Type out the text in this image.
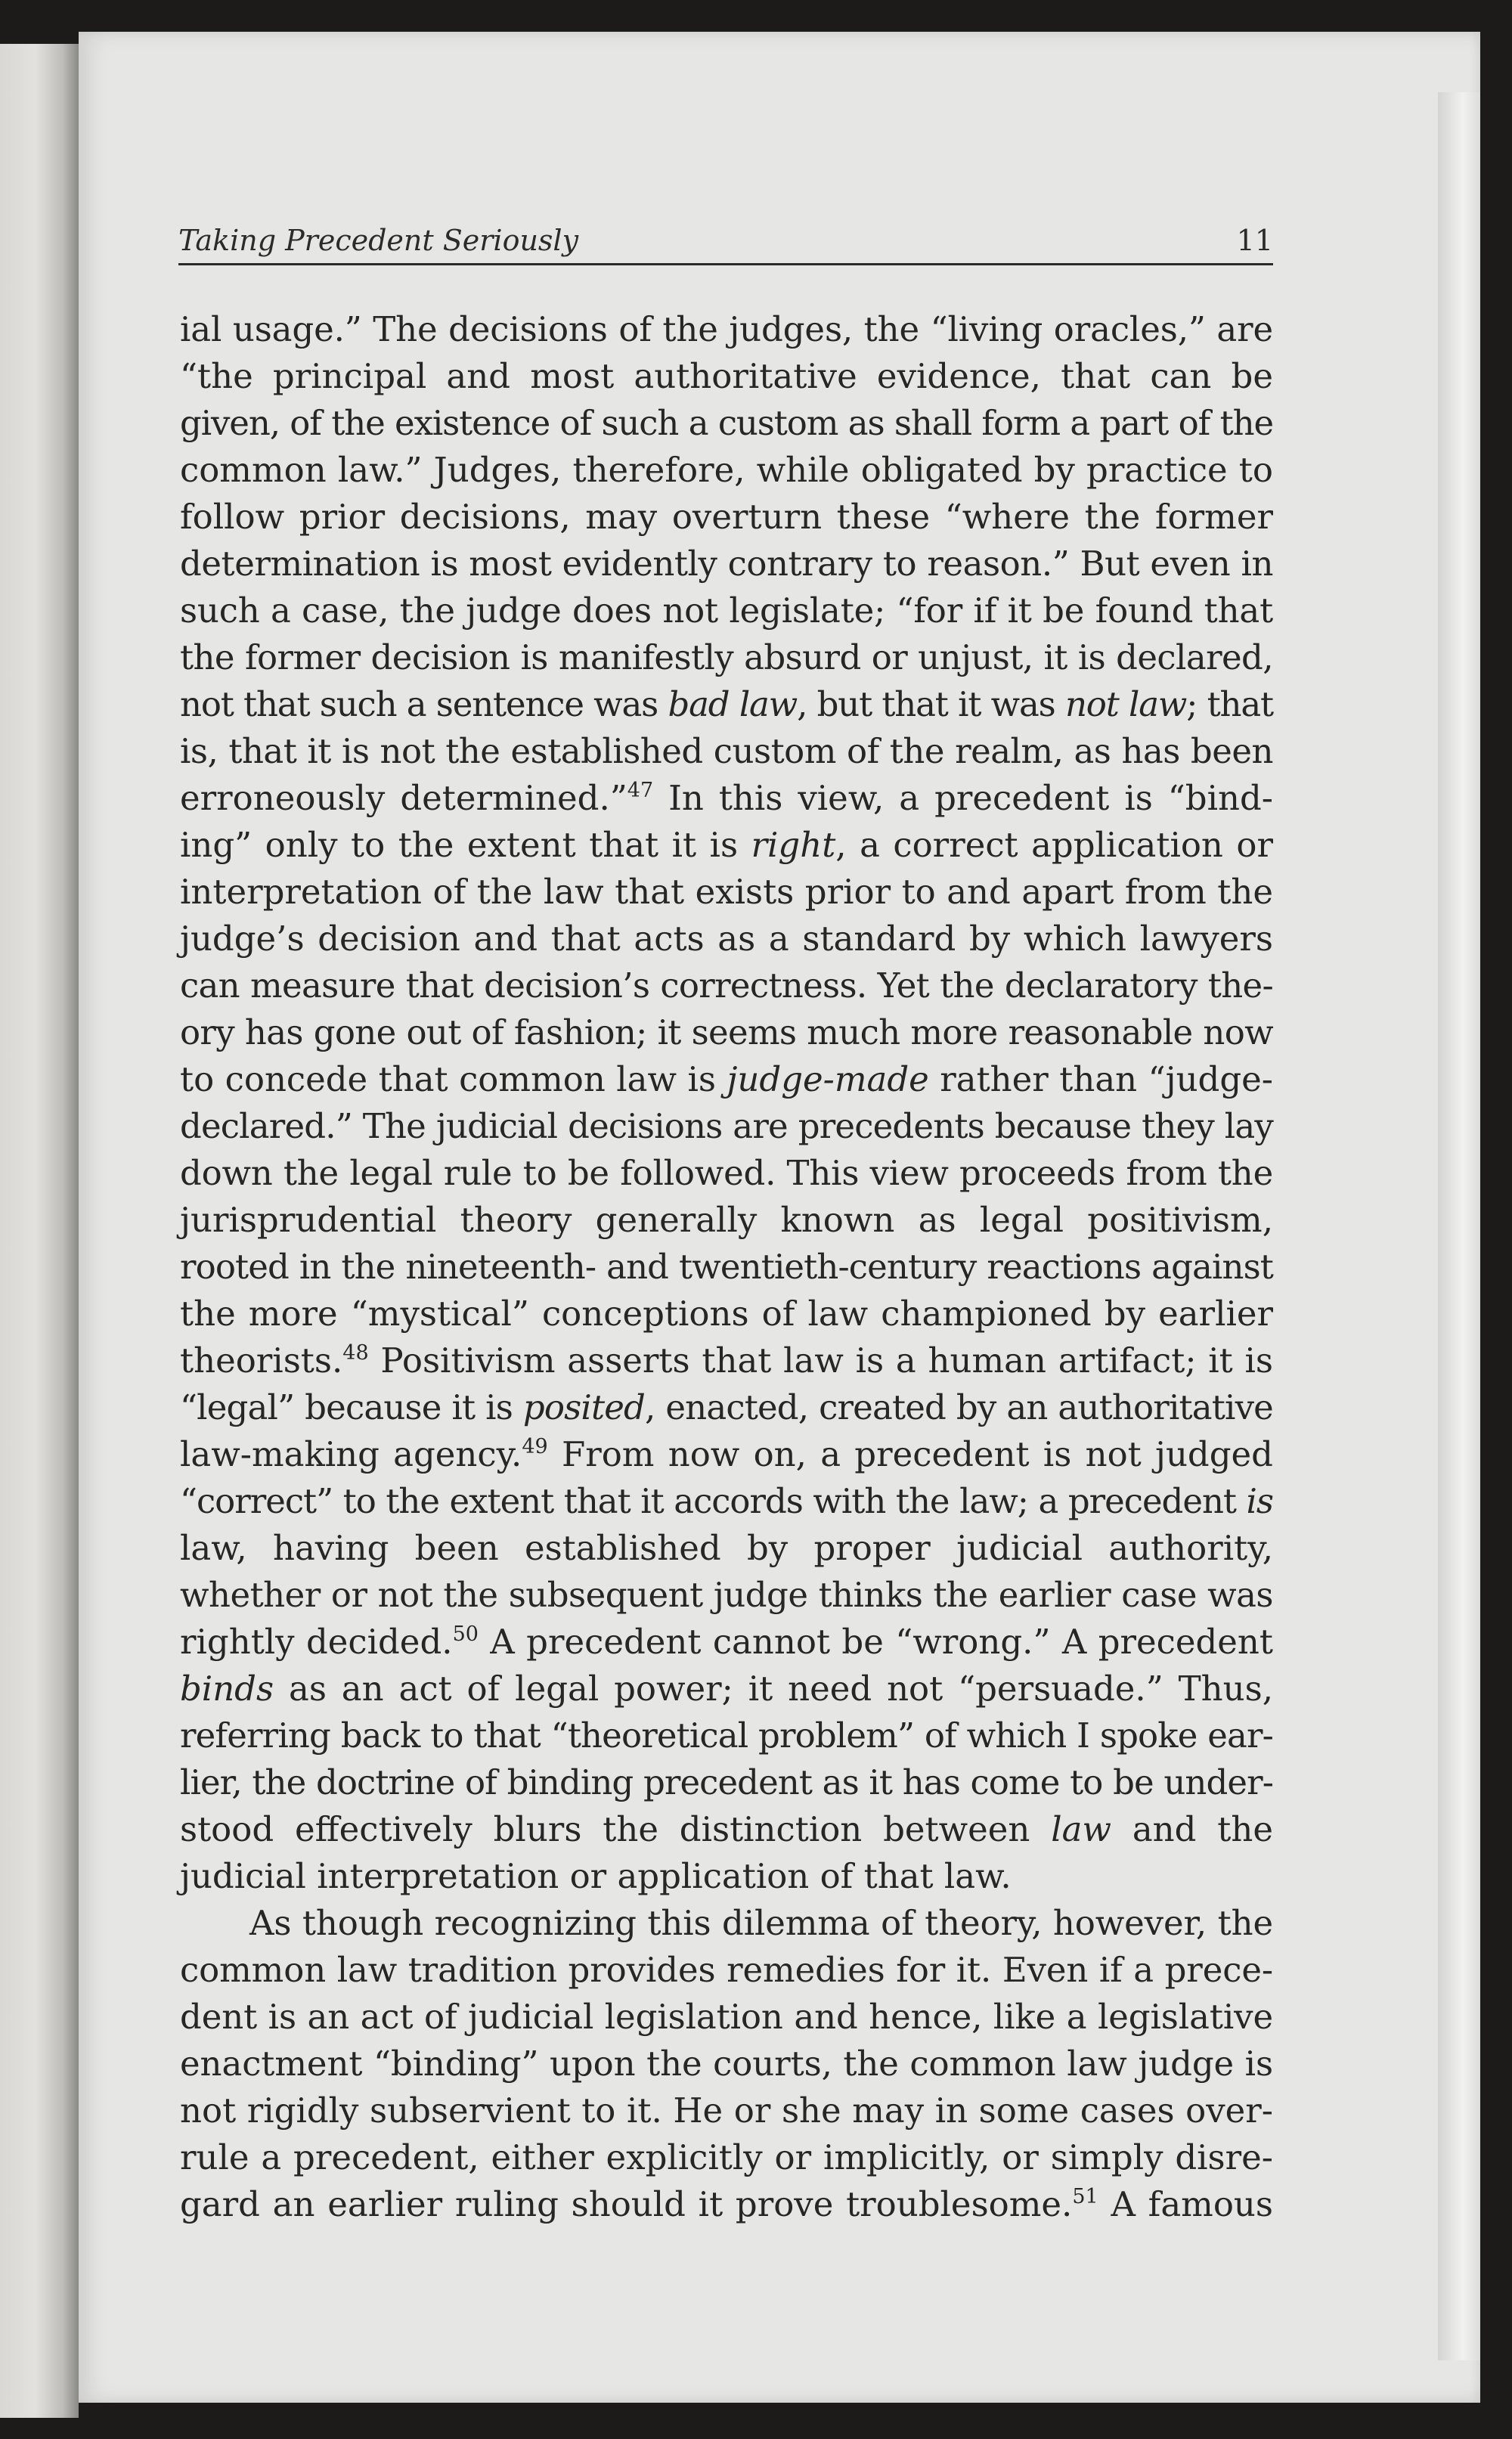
Taking Precedent Seriously	11
ial usage.” The decisions of the judges, the “living oracles,” are
“the principal and most authoritative evidence, that can be
given, of the existence of such a custom as shall form a part of the
common law.” Judges, therefore, while obligated by practice to
follow prior decisions, may overturn these “where the former
determination is most evidently contrary to reason.” But even in
such a case, the judge does not legislate; “for if it be found that
the former decision is manifestly absurd or unjust, it is declared,
not that such a sentence was bad law, but that it was not law; that
is, that it is not the established custom of the realm, as has been
erroneously determined.”$^{47}$ In this view, a precedent is “bind-
ing” only to the extent that it is right, a correct application or
interpretation of the law that exists prior to and apart from the
judge’s decision and that acts as a standard by which lawyers
can measure that decision’s correctness. Yet the declaratory the-
ory has gone out of fashion; it seems much more reasonable now
to concede that common law is judge-made rather than “judge-
declared.” The judicial decisions are precedents because they lay
down the legal rule to be followed. This view proceeds from the
jurisprudential theory generally known as legal positivism,
rooted in the nineteenth- and twentieth-century reactions against
the more “mystical” conceptions of law championed by earlier
theorists.$^{48}$ Positivism asserts that law is a human artifact; it is
“legal” because it is posited, enacted, created by an authoritative
law-making agency.$^{49}$ From now on, a precedent is not judged
“correct” to the extent that it accords with the law; a precedent is
law, having been established by proper judicial authority,
whether or not the subsequent judge thinks the earlier case was
rightly decided.$^{50}$ A precedent cannot be “wrong.” A precedent
binds as an act of legal power; it need not “persuade.” Thus,
referring back to that “theoretical problem” of which I spoke ear-
lier, the doctrine of binding precedent as it has come to be under-
stood effectively blurs the distinction between law and the
judicial interpretation or application of that law.
As though recognizing this dilemma of theory, however, the
common law tradition provides remedies for it. Even if a prece-
dent is an act of judicial legislation and hence, like a legislative
enactment “binding” upon the courts, the common law judge is
not rigidly subservient to it. He or she may in some cases over-
rule a precedent, either explicitly or implicitly, or simply disre-
gard an earlier ruling should it prove troublesome.$^{51}$ A famous
